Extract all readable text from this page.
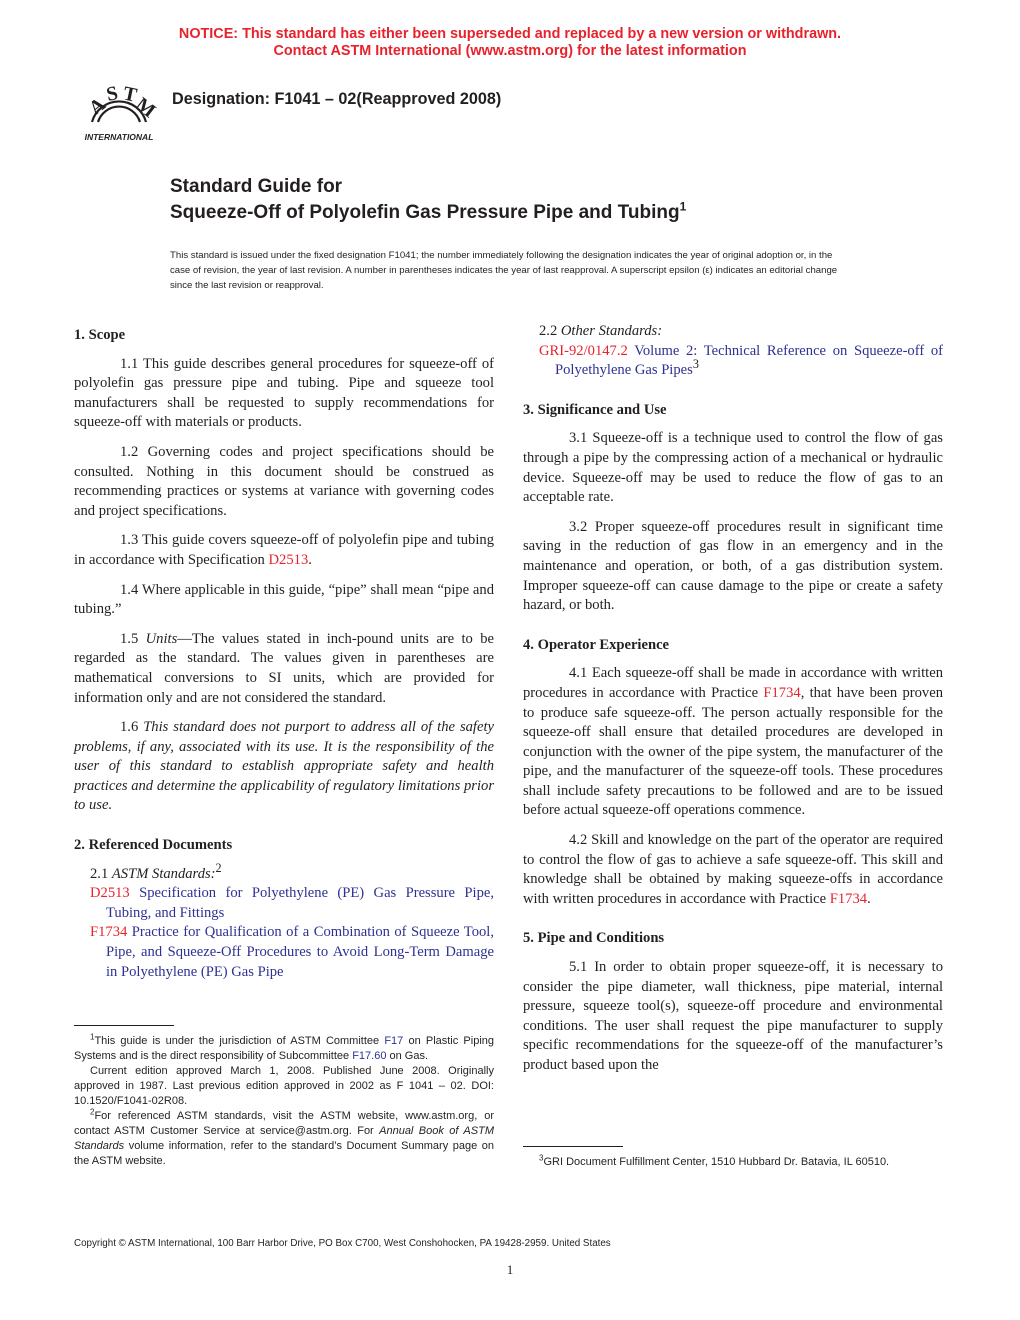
NOTICE: This standard has either been superseded and replaced by a new version or withdrawn.
Contact ASTM International (www.astm.org) for the latest information
A
S T
M
INTERNATIONAL
Designation: F1041 – 02(Reapproved 2008)
Standard Guide for
Squeeze-Off of Polyolefin Gas Pressure Pipe and Tubing$^1$
This standard is issued under the fixed designation F1041; the number immediately following the designation indicates the year of original adoption or, in the case of revision, the year of last revision. A number in parentheses indicates the year of last reapproval. A superscript epsilon (ε) indicates an editorial change since the last revision or reapproval.
1. Scope

1.1 This guide describes general procedures for squeeze-off of polyolefin gas pressure pipe and tubing. Pipe and squeeze tool manufacturers shall be requested to supply recommendations for squeeze-off with materials or products.

1.2 Governing codes and project specifications should be consulted. Nothing in this document should be construed as recommending practices or systems at variance with governing codes and project specifications.

1.3 This guide covers squeeze-off of polyolefin pipe and tubing in accordance with Specification D2513.

1.4 Where applicable in this guide, “pipe” shall mean “pipe and tubing.”

1.5 Units—The values stated in inch-pound units are to be regarded as the standard. The values given in parentheses are mathematical conversions to SI units, which are provided for information only and are not considered the standard.

1.6 This standard does not purport to address all of the safety problems, if any, associated with its use. It is the responsibility of the user of this standard to establish appropriate safety and health practices and determine the applicability of regulatory limitations prior to use.

2. Referenced Documents

2.1 ASTM Standards:$^2$

D2513 Specification for Polyethylene (PE) Gas Pressure Pipe, Tubing, and Fittings

F1734 Practice for Qualification of a Combination of Squeeze Tool, Pipe, and Squeeze-Off Procedures to Avoid Long-Term Damage in Polyethylene (PE) Gas Pipe

$^1$This guide is under the jurisdiction of ASTM Committee F17 on Plastic Piping Systems and is the direct responsibility of Subcommittee F17.60 on Gas.

Current edition approved March 1, 2008. Published June 2008. Originally approved in 1987. Last previous edition approved in 2002 as F 1041 – 02. DOI: 10.1520/F1041-02R08.

$^2$For referenced ASTM standards, visit the ASTM website, www.astm.org, or contact ASTM Customer Service at service@astm.org. For Annual Book of ASTM Standards volume information, refer to the standard’s Document Summary page on the ASTM website.

2.2 Other Standards:

GRI-92/0147.2 Volume 2: Technical Reference on Squeeze-off of Polyethylene Gas Pipes$^3$

3. Significance and Use

3.1 Squeeze-off is a technique used to control the flow of gas through a pipe by the compressing action of a mechanical or hydraulic device. Squeeze-off may be used to reduce the flow of gas to an acceptable rate.

3.2 Proper squeeze-off procedures result in significant time saving in the reduction of gas flow in an emergency and in the maintenance and operation, or both, of a gas distribution system. Improper squeeze-off can cause damage to the pipe or create a safety hazard, or both.

4. Operator Experience

4.1 Each squeeze-off shall be made in accordance with written procedures in accordance with Practice F1734, that have been proven to produce safe squeeze-off. The person actually responsible for the squeeze-off shall ensure that detailed procedures are developed in conjunction with the owner of the pipe system, the manufacturer of the pipe, and the manufacturer of the squeeze-off tools. These procedures shall include safety precautions to be followed and are to be issued before actual squeeze-off operations commence.

4.2 Skill and knowledge on the part of the operator are required to control the flow of gas to achieve a safe squeeze-off. This skill and knowledge shall be obtained by making squeeze-offs in accordance with written procedures in accordance with Practice F1734.

5. Pipe and Conditions

5.1 In order to obtain proper squeeze-off, it is necessary to consider the pipe diameter, wall thickness, pipe material, internal pressure, squeeze tool(s), squeeze-off procedure and environmental conditions. The user shall request the pipe manufacturer to supply specific recommendations for the squeeze-off of the manufacturer’s product based upon the

$^3$GRI Document Fulfillment Center, 1510 Hubbard Dr. Batavia, IL 60510.

Copyright © ASTM International, 100 Barr Harbor Drive, PO Box C700, West Conshohocken, PA 19428-2959. United States
1
